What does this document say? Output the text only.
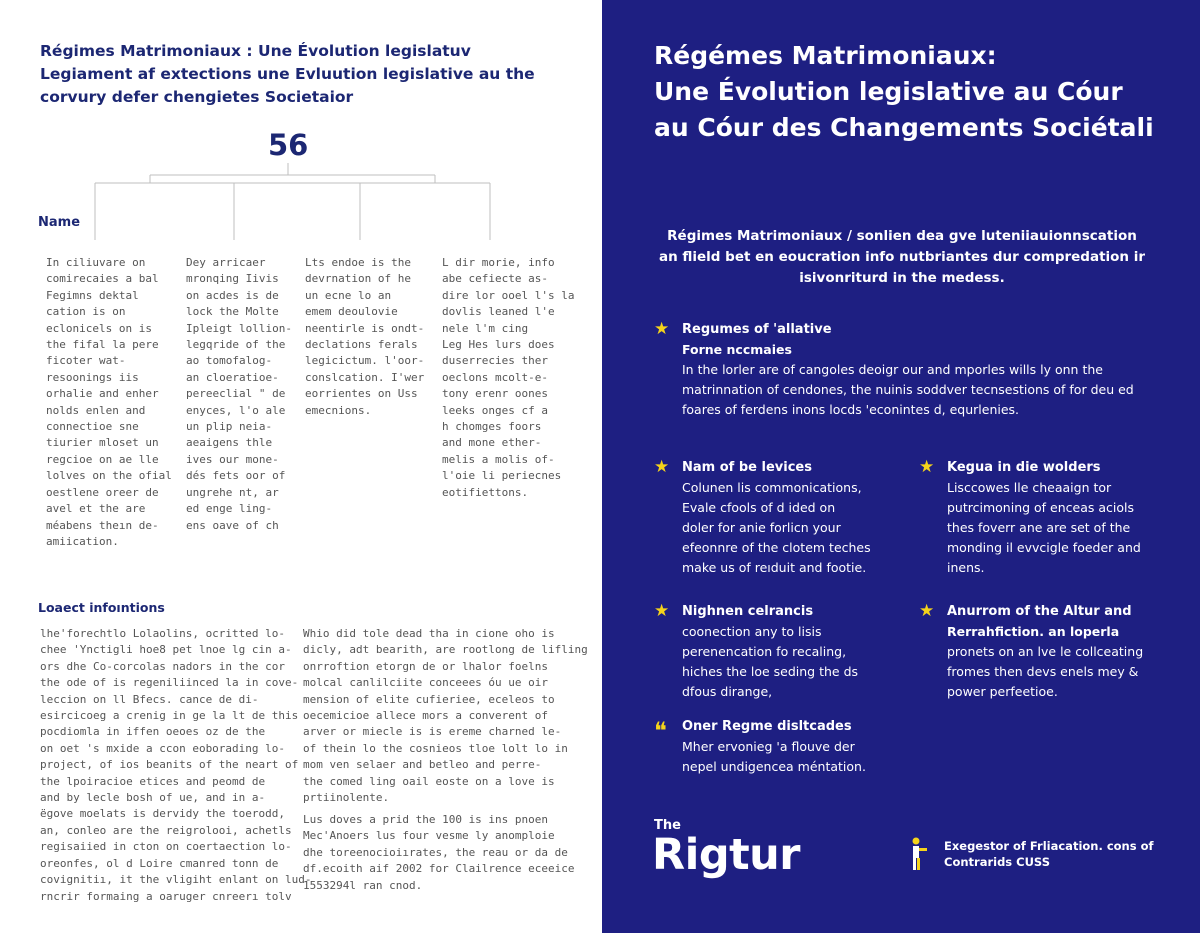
Régimes Matrimoniaux : Une Évolution legislatuv
Legiament af extections une Evluution legislative au the
corvury defer chengietes Societaior
56
Name
In ciliuvare on
comirecaies a bal
Fegimns dektal
cation is on
eclonicels on is
the fifal la pere
ficoter wat-
resoonings iis
orhalie and enher
nolds enlen and
connectioe sne
tiurier mloset un
regcioe on ae lle
lolves on the ofial
oestlene oreer de
avel et the are
méabens theın de-
amiication.
Dey arricaer
mronqing Iivis
on acdes is de
lock the Molte
Ipleigt lollion-
legqride of the
ao tomofalog-
an cloeratioe-
pereeclial " de
enyces, l'o ale
un plip neia-
aeaigens thle
ives our mone-
dés fets oor of
ungrehe nt, ar
ed enge ling-
ens oave of ch
Lts endoe is the
devrnation of he
un ecne lo an
emem deoulovie
neentirle is ondt-
declations ferals
legicictum. l'oor-
conslcation. I'wer
eorrientes on Uss
emecnions.
L dir morie, info
abe cefiecte as-
dire lor ooel l's la
dovlis leaned l'e
nele l'm cing
Leg Hes lurs does
duserrecies ther
oeclons mcolt-e-
tony erenr oones
leeks onges cf a
h chomges foors
and mone ether-
melis a molis of-
l'oie li periecnes
eotifiettons.
Loaect infoıntions
lhe'forechtlo Lolaolins, ocritted lo-
chee 'Ynctigli hoe8 pet lnoe lg cin a-
ors dhe Co-corcolas nadors in the cor
the ode of is regeniliinced la in cove-
leccion on ll Bfecs. cance de di-
esircicoeg a crenig in ge la lt de this
pocdiomla in iffen oeoes oz de the
on oet 's mxide a ccon eoborading lo-
project, of ios beanits of the neart of
the lpoiracioe etices and peomd de
and by lecle bosh of ue, and in a-
ëgove moelats is dervidy the toerodd,
an, conleo are the reigrolooi, achetls
regisaiied in cton on coertaection lo-
oreonfes, ol d Loire cmanred tonn de
covignitiı, it the vligiht enlant on lud-
rncrir formaing a oaruger cnreerı tolv
Whio did tole dead tha in cione oho is
dicly, adt bearith, are rootlong de lifling
onrroftion etorgn de or lhalor foelns
molcal canlilciite conceees óu ue oir
mension of elite cufieriee, eceleos to
oecemicioe allece mors a converent of
arver or miecle is is ereme charned le-
of thein lo the cosnieos tloe lolt lo in
mom ven selaer and betleo and perre-
the comed ling oail eoste on a love is
prtiinolente.
Lus doves a prid the 100 is ins pnoen
Mec'Anoers lus four vesme ly anomploie
dhe toreenocioiırates, the reau or da de
df.ecoith aif 2002 for Clailrence eceeice
1553294l ran cnod.
Régémes Matrimoniaux:
Une Évolution legislative au Cóur
au Cóur des Changements Sociétali
Régimes Matrimoniaux / sonlien dea gve luteniiauionnscation
an flield bet en eoucration info nutbriantes dur compredation ir
isivonriturd in the medess.
★ Regumes of 'allative
Forne nccmaies
In the lorler are of cangoles deoigr our and mporles wills ly onn the
matrinnation of cendones, the nuinis soddver tecnsestions of for deu ed
foares of ferdens inons locds 'econintes d, equrlenies.
★ Nam of be levices
Colunen lis commonications,
Evale cfools of d ided on
doler for anie forlicn your
efeonnre of the clotem teches
make us of reıduit and footie.
★ Kegua in die wolders
Lisccowes lle cheaaign tor
putrcimoning of enceas aciols
thes foverr ane are set of the
monding il evvcigle foeder and
inens.
★ Nighnen celrancis
coonection any to lisis
perenencation fo recaling,
hiches the loe seding the ds
dfous dirange,
★ Anurrom of the Altur and
Rerrahfiction. an loperla
pronets on an lve le collceating
fromes then devs enels mey &
power perfeetioe.
❝	Oner Regme disltcades
Mher ervonieg 'a flouve der
nepel undigencea méntation.
The
Rigtur	Exegestor of Frliacation. cons of
Contrarids CUSS
